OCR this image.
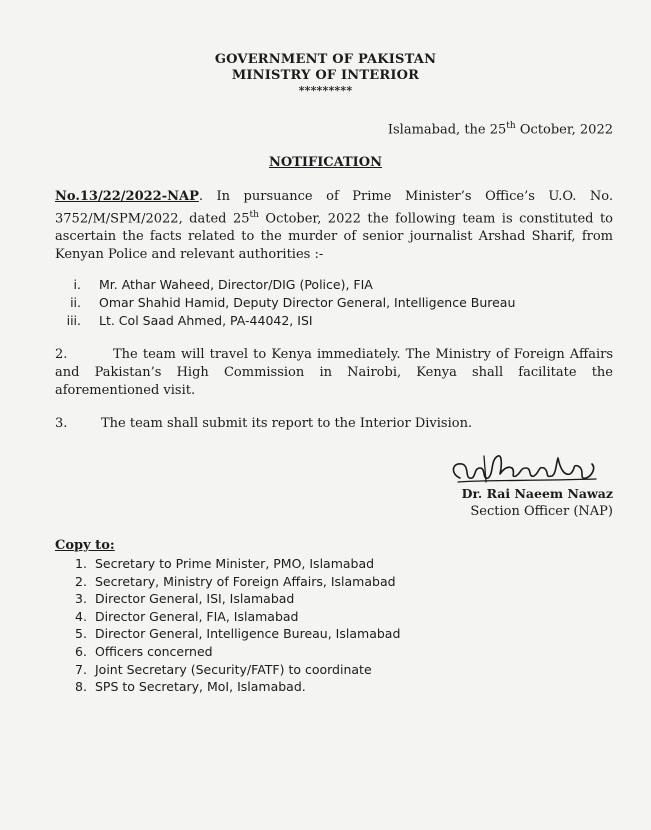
GOVERNMENT OF PAKISTAN
MINISTRY OF INTERIOR
*********
Islamabad, the 25th October, 2022
NOTIFICATION
No.13/22/2022-NAP. In pursuance of Prime Minister’s Office’s U.O. No. 3752/M/SPM/2022, dated 25th October, 2022 the following team is constituted to ascertain the facts related to the murder of senior journalist Arshad Sharif, from Kenyan Police and relevant authorities :-
i.	Mr. Athar Waheed, Director/DIG (Police), FIA
ii.	Omar Shahid Hamid, Deputy Director General, Intelligence Bureau
iii.	Lt. Col Saad Ahmed, PA-44042, ISI
2.	The team will travel to Kenya immediately. The Ministry of Foreign Affairs and Pakistan’s High Commission in Nairobi, Kenya shall facilitate the aforementioned visit.
3.	The team shall submit its report to the Interior Division.
Dr. Rai Naeem Nawaz
Section Officer (NAP)
Copy to:
1. Secretary to Prime Minister, PMO, Islamabad
2. Secretary, Ministry of Foreign Affairs, Islamabad
3. Director General, ISI, Islamabad
4. Director General, FIA, Islamabad
5. Director General, Intelligence Bureau, Islamabad
6. Officers concerned
7. Joint Secretary (Security/FATF) to coordinate
8. SPS to Secretary, MoI, Islamabad.
